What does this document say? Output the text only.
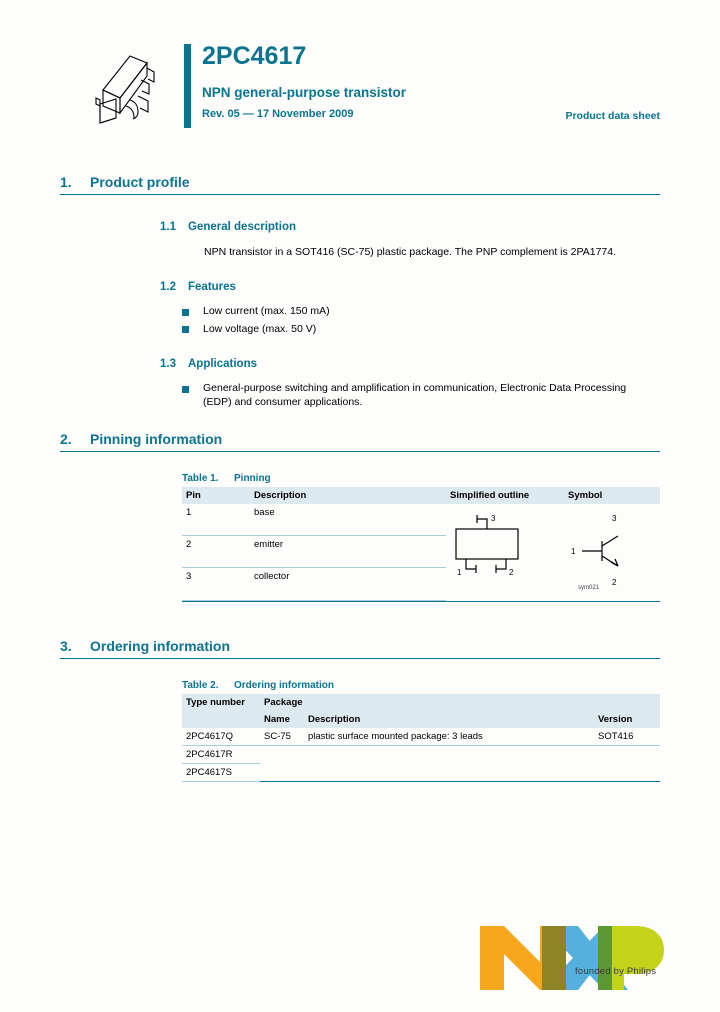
2PC4617
NPN general-purpose transistor
Rev. 05 — 17 November 2009	Product data sheet
1.	Product profile
1.1	General description
NPN transistor in a SOT416 (SC-75) plastic package. The PNP complement is 2PA1774.
1.2	Features
Low current (max. 150 mA)
Low voltage (max. 50 V)
1.3	Applications
General-purpose switching and amplification in communication, Electronic Data Processing (EDP) and consumer applications.
2.	Pinning information
Table 1.	Pinning
Pin	Description	Simplified outline	Symbol
1	base	
3
1	2
1
3
2
sym021

2	emitter		
3	collector		
3.	Ordering information
Table 2.	Ordering information
Type number	Package		
	Name	Description	Version
2PC4617Q	SC-75	plastic surface mounted package: 3 leads	SOT416
2PC4617R			
2PC4617S			
founded by Philips
